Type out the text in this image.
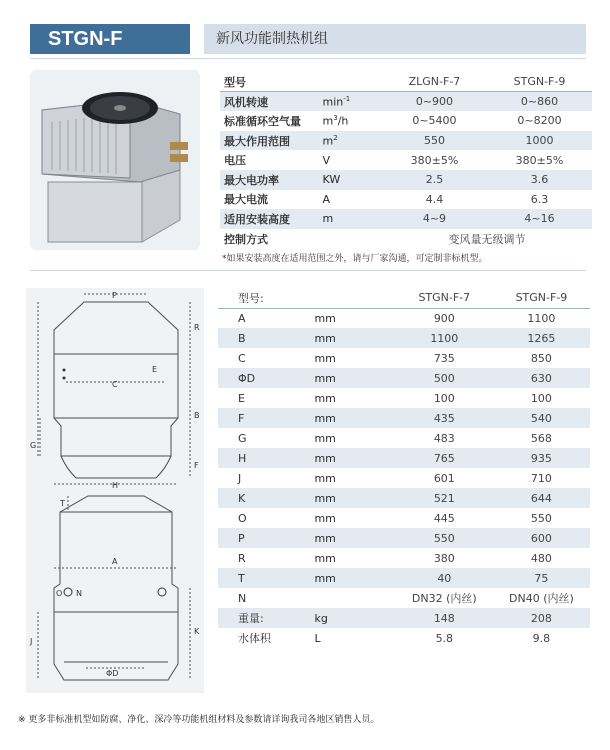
STGN-F	新风功能制热机组
型号		ZLGN-F-7	STGN-F-9
风机转速	$\min^{-1}$	0~900	0~860
标准循环空气量	$m^3/h$	0~5400	0~8200
最大作用范围	$m^2$	550	1000
电压	V	380±5%	380±5%
最大电功率	KW	2.5	3.6
最大电流	A	4.4	6.3
适用安装高度	m	4~9	4~16
控制方式		变风量无级调节	
*如果安装高度在适用范围之外，请与厂家沟通，可定制非标机型。
P
R
B
C
E
F
G
H
T
A
O N
J
K
ΦD
型号:		STGN-F-7	STGN-F-9
A	mm	900	1100
B	mm	1100	1265
C	mm	735	850
ΦD	mm	500	630
E	mm	100	100
F	mm	435	540
G	mm	483	568
H	mm	765	935
J	mm	601	710
K	mm	521	644
O	mm	445	550
P	mm	550	600
R	mm	380	480
T	mm	40	75
N		DN32 (内丝)	DN40 (内丝)
重量:	kg	148	208
水体积	L	5.8	9.8
※ 更多非标准机型如防腐、净化、深冷等功能机组材料及参数请详询我司各地区销售人员。
